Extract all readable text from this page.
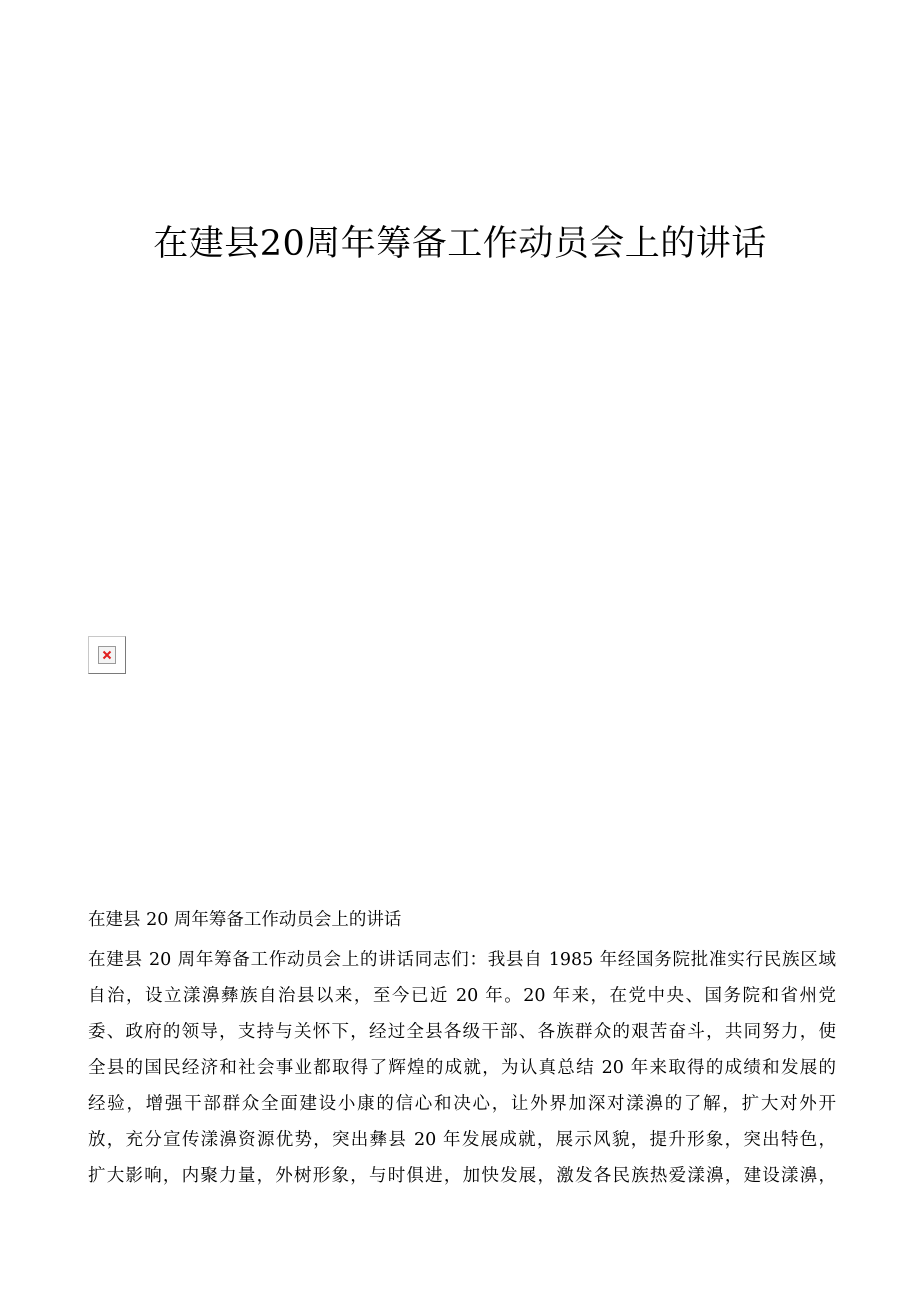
在建县20周年筹备工作动员会上的讲话

在建县 20 周年筹备工作动员会上的讲话

在建县 20 周年筹备工作动员会上的讲话同志们：我县自 1985 年经国务院批准实行民族区域

自治，设立漾濞彝族自治县以来，至今已近 20 年。20 年来，在党中央、国务院和省州党

委、政府的领导，支持与关怀下，经过全县各级干部、各族群众的艰苦奋斗，共同努力，使

全县的国民经济和社会事业都取得了辉煌的成就，为认真总结 20 年来取得的成绩和发展的

经验，增强干部群众全面建设小康的信心和决心，让外界加深对漾濞的了解，扩大对外开

放，充分宣传漾濞资源优势，突出彝县 20 年发展成就，展示风貌，提升形象，突出特色，

扩大影响，内聚力量，外树形象，与时俱进，加快发展，激发各民族热爱漾濞，建设漾濞，
